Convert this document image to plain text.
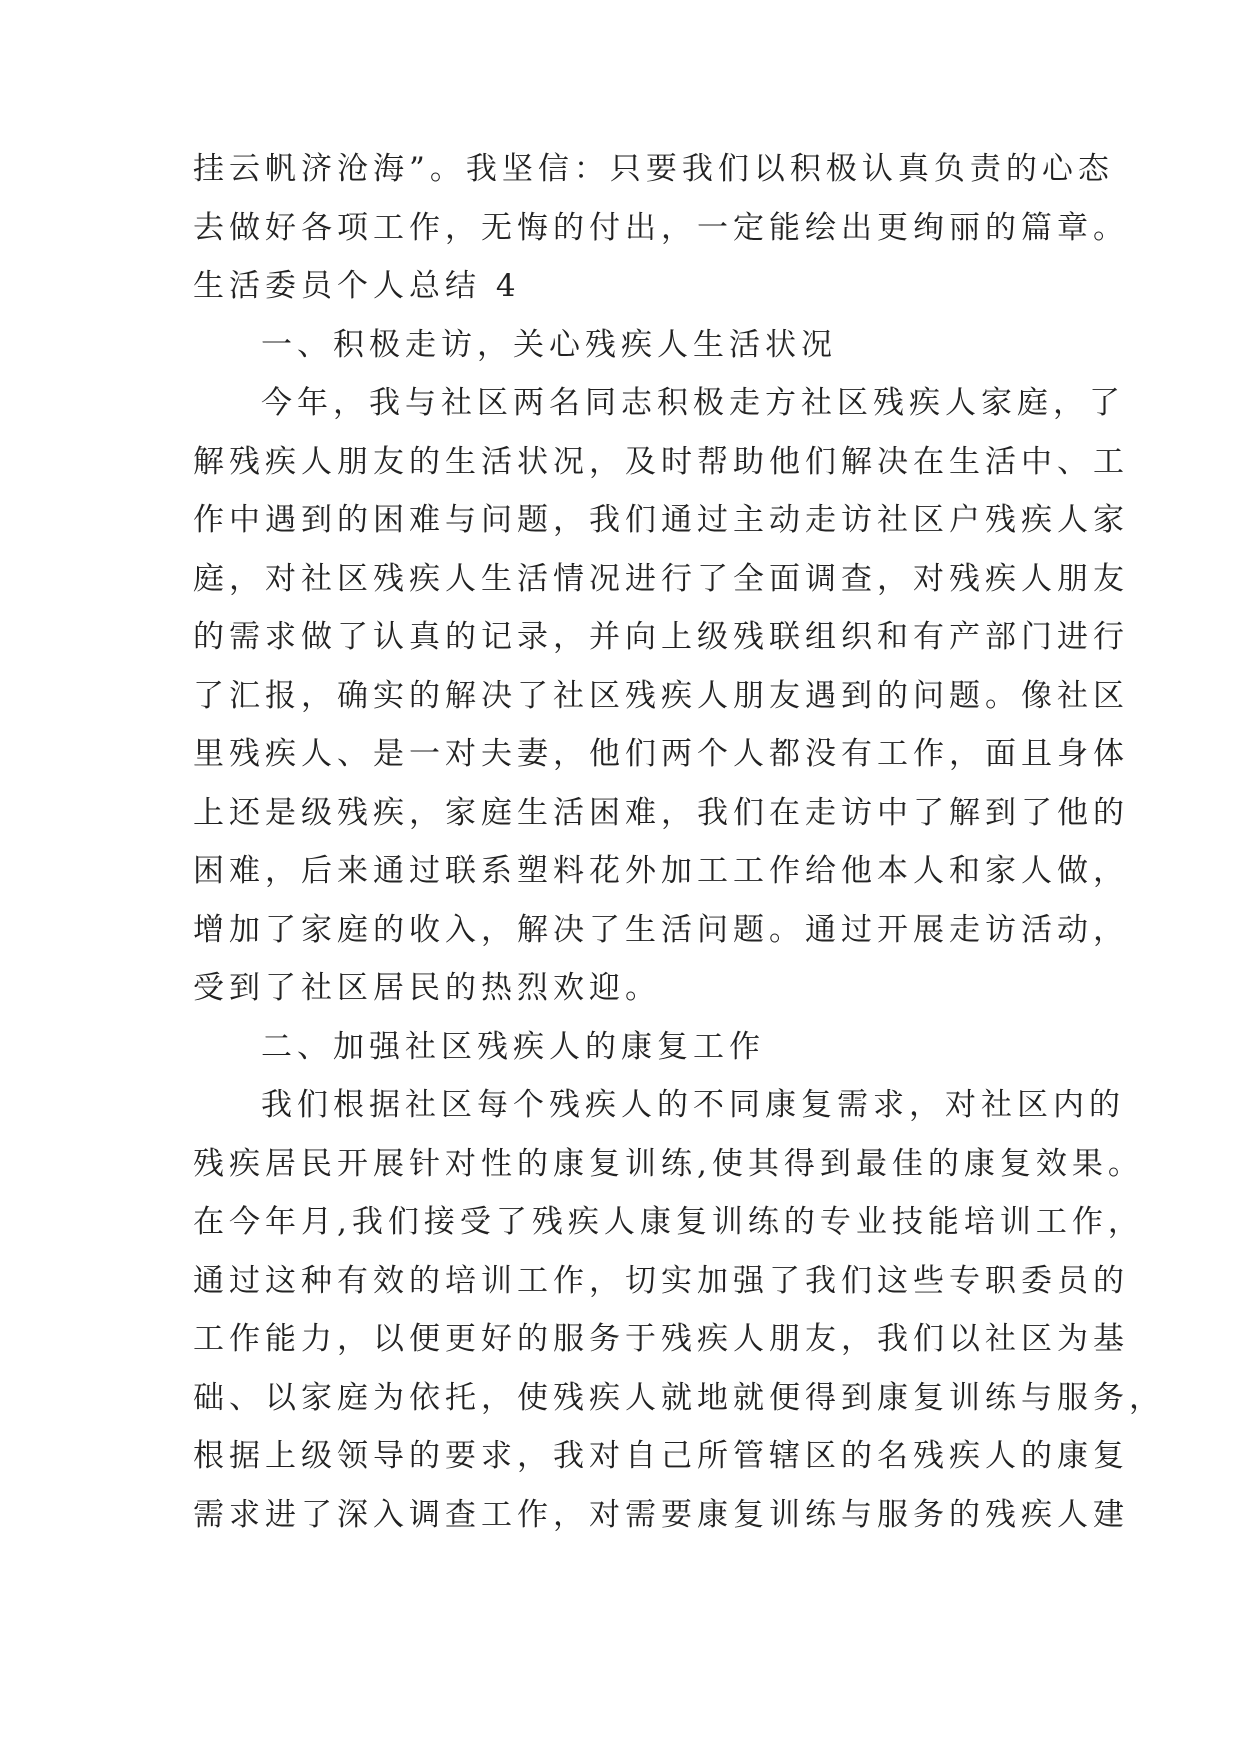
挂云帆济沧海”。我坚信：只要我们以积极认真负责的心态
去做好各项工作，无悔的付出，一定能绘出更绚丽的篇章。
生活委员个人总结 4
一、积极走访，关心残疾人生活状况
今年，我与社区两名同志积极走方社区残疾人家庭，了
解残疾人朋友的生活状况，及时帮助他们解决在生活中、工
作中遇到的困难与问题，我们通过主动走访社区户残疾人家
庭，对社区残疾人生活情况进行了全面调查，对残疾人朋友
的需求做了认真的记录，并向上级残联组织和有产部门进行
了汇报，确实的解决了社区残疾人朋友遇到的问题。像社区
里残疾人、是一对夫妻，他们两个人都没有工作，面且身体
上还是级残疾，家庭生活困难，我们在走访中了解到了他的
困难，后来通过联系塑料花外加工工作给他本人和家人做，
增加了家庭的收入，解决了生活问题。通过开展走访活动，
受到了社区居民的热烈欢迎。
二、加强社区残疾人的康复工作
我们根据社区每个残疾人的不同康复需求，对社区内的
残疾居民开展针对性的康复训练,使其得到最佳的康复效果。
在今年月,我们接受了残疾人康复训练的专业技能培训工作，
通过这种有效的培训工作，切实加强了我们这些专职委员的
工作能力，以便更好的服务于残疾人朋友，我们以社区为基
础、以家庭为依托，使残疾人就地就便得到康复训练与服务，
根据上级领导的要求，我对自己所管辖区的名残疾人的康复
需求进了深入调查工作，对需要康复训练与服务的残疾人建
